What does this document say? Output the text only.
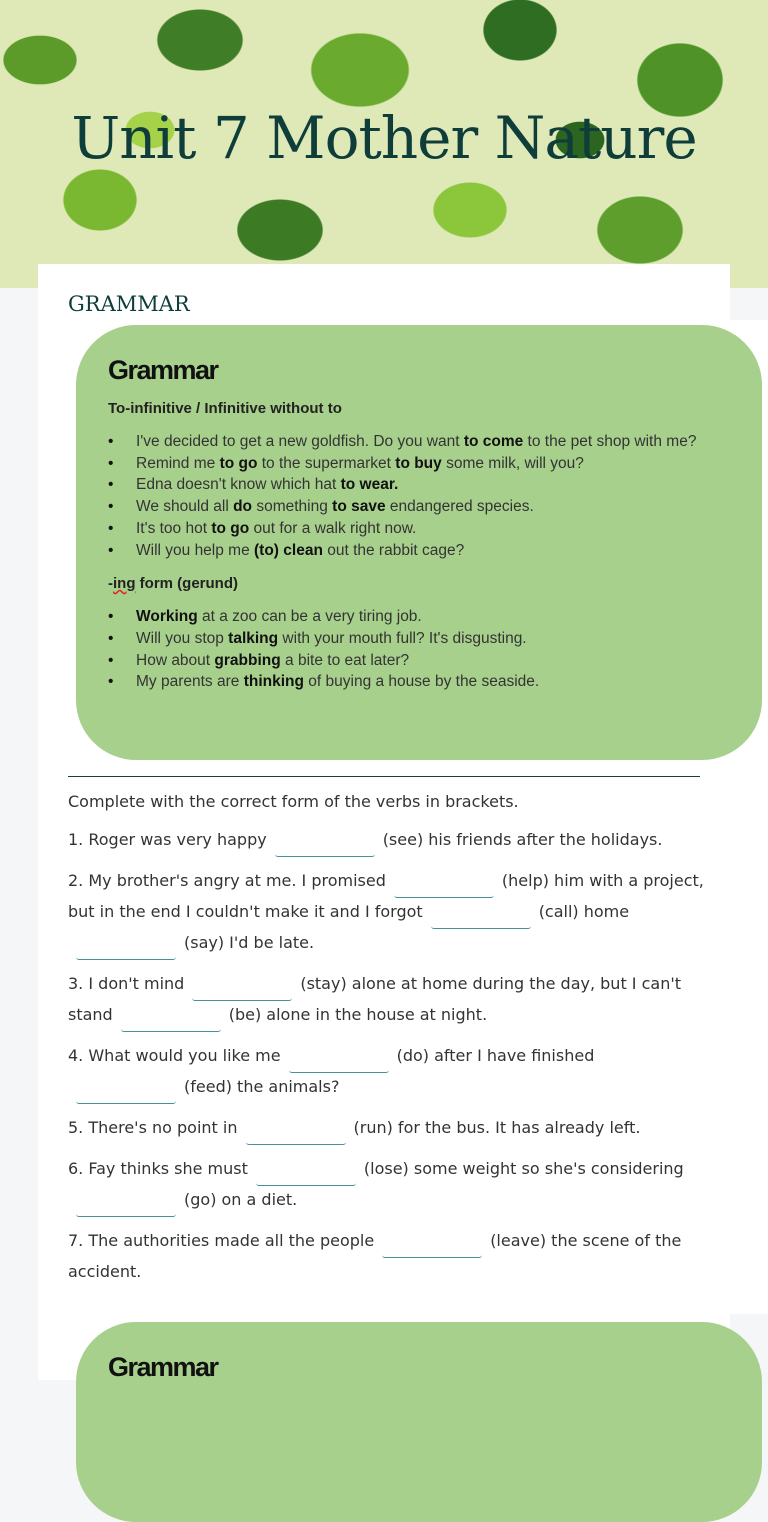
Unit 7 Mother Nature
GRAMMAR
Grammar
To-infinitive / Infinitive without to
• I've decided to get a new goldfish. Do you want to come to the pet shop with me?
• Remind me to go to the supermarket to buy some milk, will you?
• Edna doesn't know which hat to wear.
• We should all do something to save endangered species.
• It's too hot to go out for a walk right now.
• Will you help me (to) clean out the rabbit cage?
-ing form (gerund)
• Working at a zoo can be a very tiring job.
• Will you stop talking with your mouth full? It's disgusting.
• How about grabbing a bite to eat later?
• My parents are thinking of buying a house by the seaside.

Complete with the correct form of the verbs in brackets.

1. Roger was very happy	(see) his friends after the holidays.

2. My brother's angry at me. I promised	(help) him with a project, but in the end I couldn't make it and I forgot	(call) home(say) I'd be late.

3. I don't mind	(stay) alone at home during the day, but I can't stand	(be) alone in the house at night.

4. What would you like me	(do) after I have finished(feed) the animals?

5. There's no point in	(run) for the bus. It has already left.

6. Fay thinks she must	(lose) some weight so she's considering(go) on a diet.

7. The authorities made all the people	(leave) the scene of the accident.

Grammar
